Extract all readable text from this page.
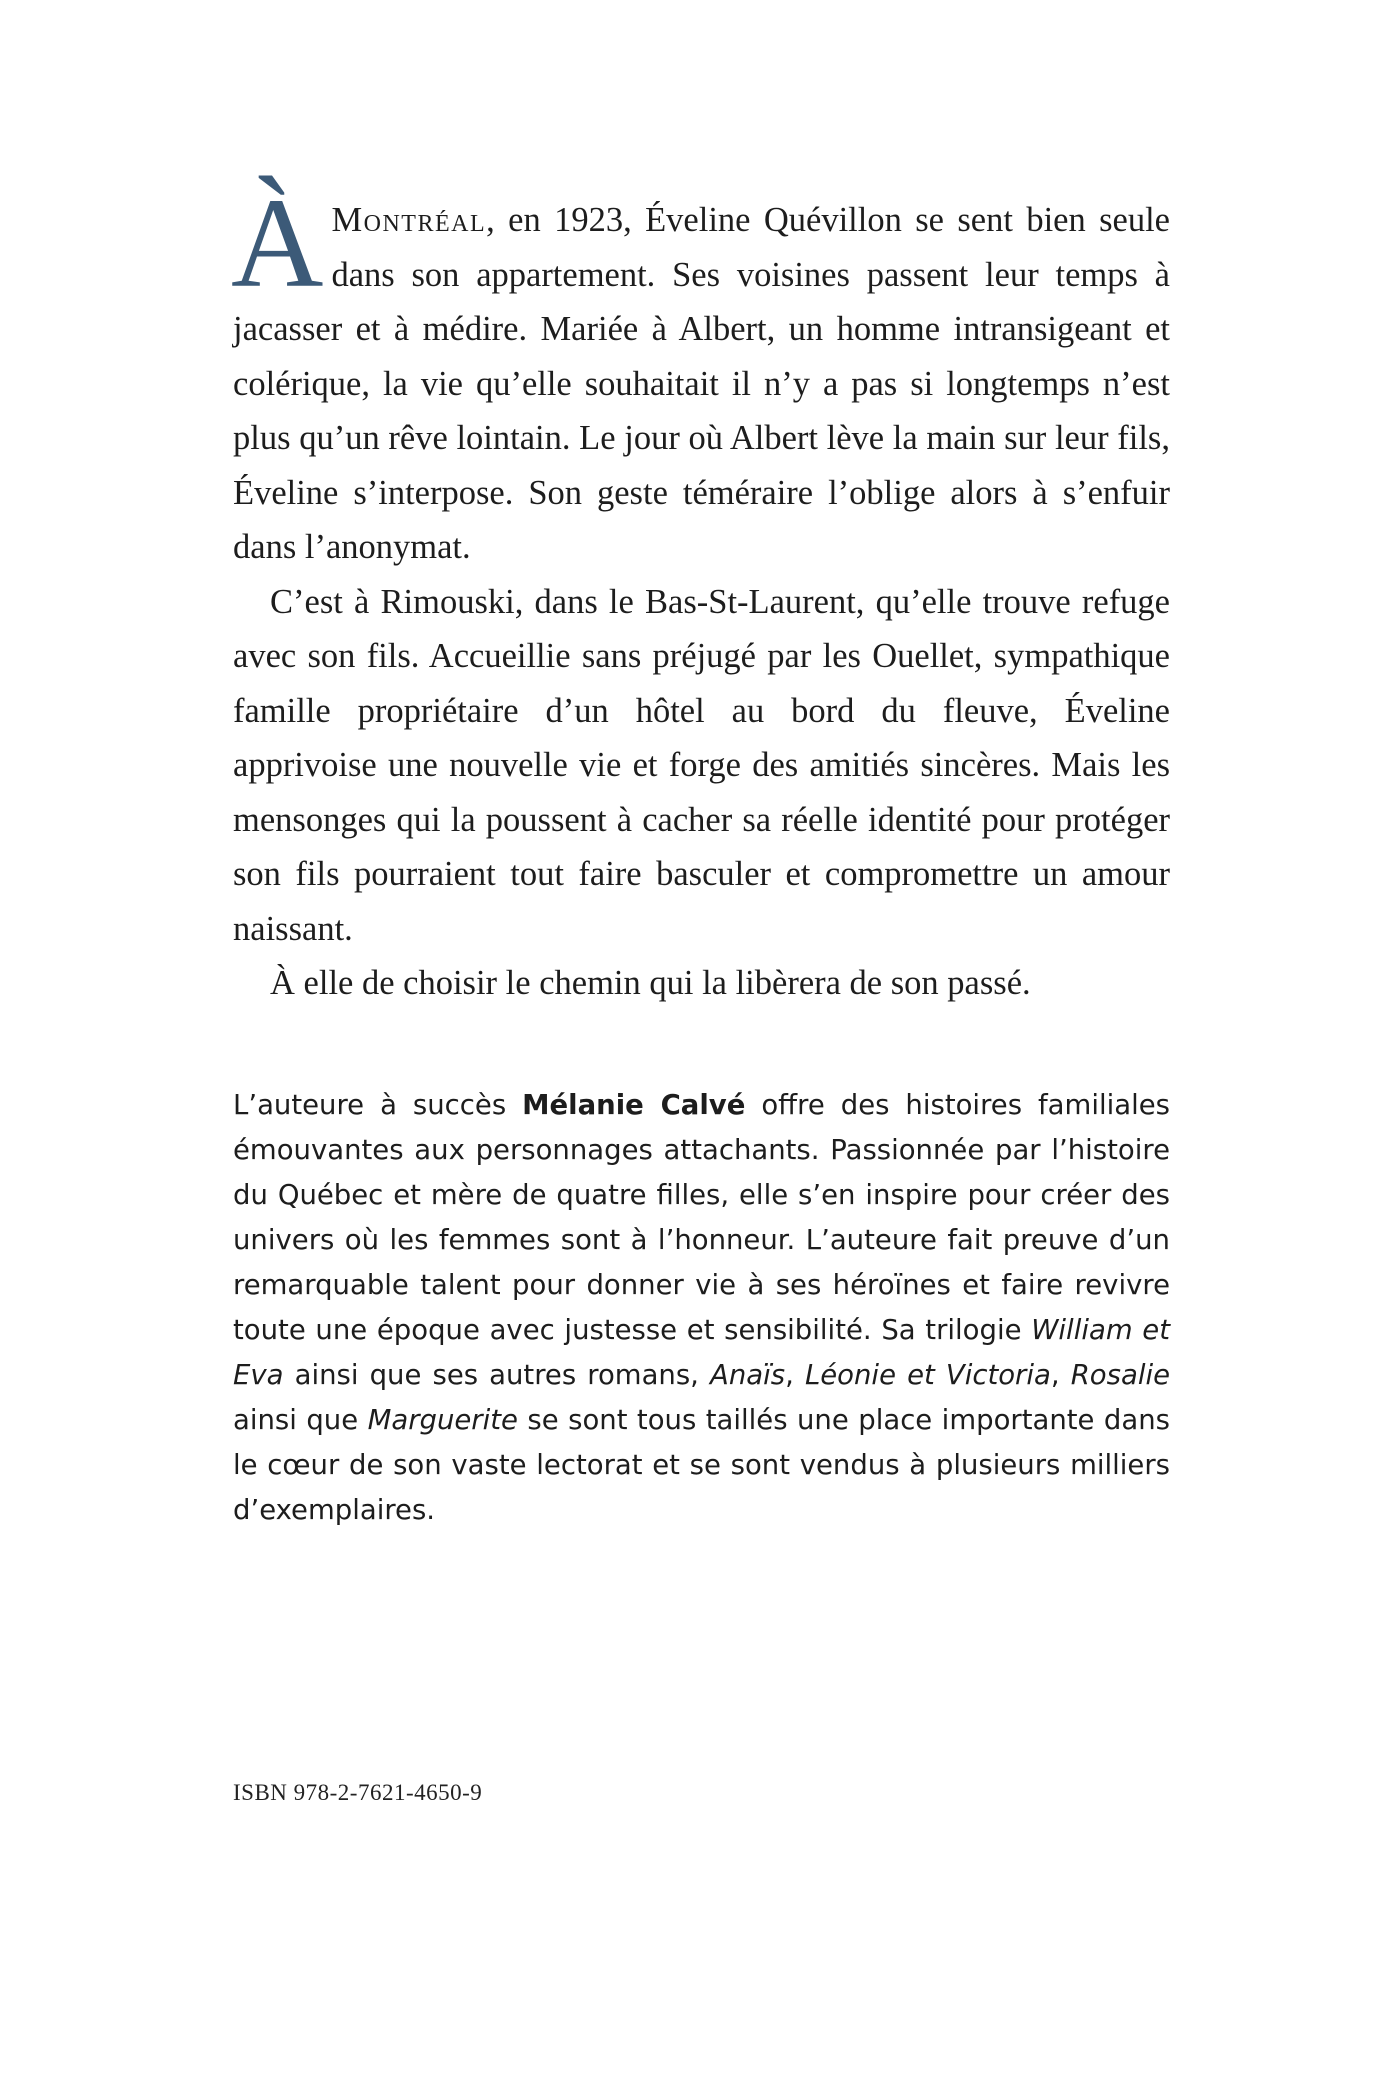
À Montréal, en 1923, Éveline Quévillon se sent bien seule dans son appartement. Ses voisines passent leur temps à jacasser et à médire. Mariée à Albert, un homme intransigeant et colérique, la vie qu’elle souhaitait il n’y a pas si longtemps n’est plus qu’un rêve lointain. Le jour où Albert lève la main sur leur fils, Éveline s’interpose. Son geste téméraire l’oblige alors à s’enfuir dans l’anonymat.

C’est à Rimouski, dans le Bas-St-Laurent, qu’elle trouve refuge avec son fils. Accueillie sans préjugé par les Ouellet, sympathique famille propriétaire d’un hôtel au bord du fleuve, Éveline apprivoise une nouvelle vie et forge des amitiés sincères. Mais les mensonges qui la poussent à cacher sa réelle identité pour protéger son fils pourraient tout faire basculer et compromettre un amour naissant.

À elle de choisir le chemin qui la libèrera de son passé.

L’auteure à succès Mélanie Calvé offre des histoires familiales émouvantes aux personnages attachants. Passionnée par l’histoire du Québec et mère de quatre filles, elle s’en inspire pour créer des univers où les femmes sont à l’honneur. L’auteure fait preuve d’un remarquable talent pour donner vie à ses héroïnes et faire revivre toute une époque avec justesse et sensibilité. Sa trilogie William et Eva ainsi que ses autres romans, Anaïs, Léonie et Victoria, Rosalie ainsi que Marguerite se sont tous taillés une place importante dans le cœur de son vaste lectorat et se sont vendus à plusieurs milliers d’exemplaires.

ISBN 978-2-7621-4650-9
